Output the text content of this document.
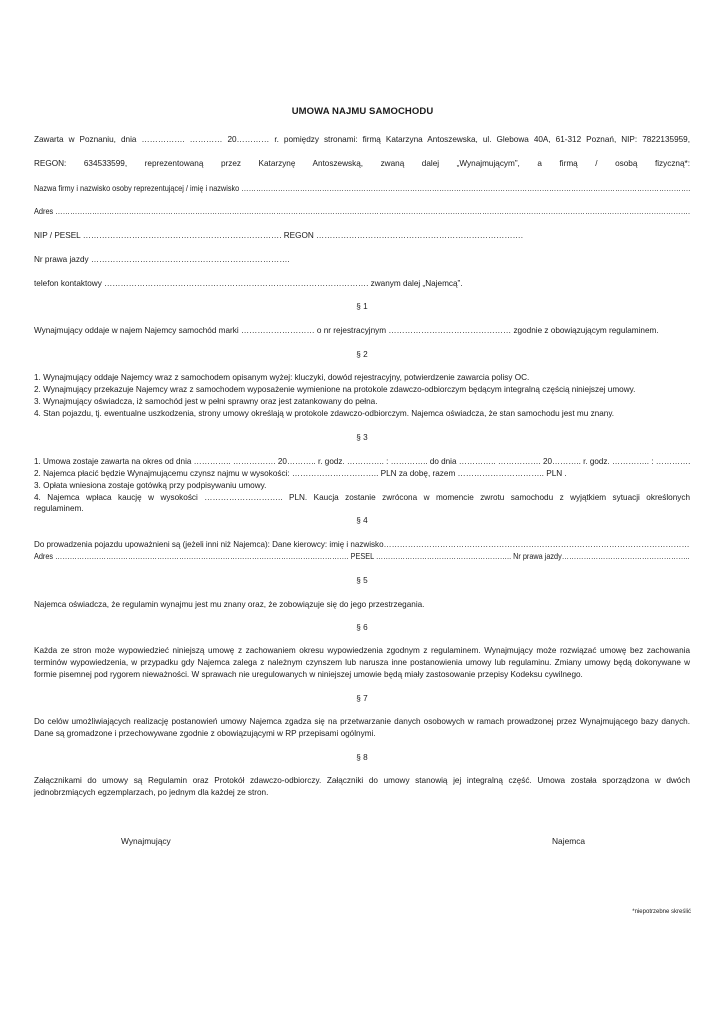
UMOWA NAJMU SAMOCHODU
Zawarta w Poznaniu, dnia ……………. ………… 20………… r. pomiędzy stronami: firmą Katarzyna Antoszewska, ul. Glebowa 40A, 61-312 Poznań, NIP: 7822135959,
REGON: 634533599, reprezentowaną przez Katarzynę Antoszewską, zwaną dalej „Wynajmującym”, a firmą / osobą fizyczną*:
Nazwa firmy i nazwisko osoby reprezentującej / imię i nazwisko ………………………………………………………………………………………………………………………………………………………………….
Adres …………………………………………………………………………………………………………………………………………………………………………………………………………………………………….
NIP / PESEL ………………………………………………………………. REGON ………………………………………………………………….
Nr prawa jazdy ……………………………………………………………….
telefon kontaktowy ……………………………………………………………………………………. zwanym dalej „Najemcą”.
§ 1
Wynajmujący oddaje w najem Najemcy samochód marki ……………………… o nr rejestracyjnym ……………………………………… zgodnie z obowiązującym regulaminem.
§ 2
1. Wynajmujący oddaje Najemcy wraz z samochodem opisanym wyżej: kluczyki, dowód rejestracyjny, potwierdzenie zawarcia polisy OC.
2. Wynajmujący przekazuje Najemcy wraz z samochodem wyposażenie wymienione na protokole zdawczo-odbiorczym będącym integralną częścią niniejszej umowy.
3. Wynajmujący oświadcza, iż samochód jest w pełni sprawny oraz jest zatankowany do pełna.
4. Stan pojazdu, tj. ewentualne uszkodzenia, strony umowy określają w protokole zdawczo-odbiorczym. Najemca oświadcza, że stan samochodu jest mu znany.
§ 3
1. Umowa zostaje zawarta na okres od dnia ………….. ……………. 20……….. r. godz. ………….. : ………….. do dnia ………….. ……………. 20……….. r. godz. ………….. : ………….
2. Najemca płacić będzie Wynajmującemu czynsz najmu w wysokości: ………………………….. PLN za dobę, razem ………………………….. PLN .
3. Opłata wniesiona zostaje gotówką przy podpisywaniu umowy.
4. Najemca wpłaca kaucję w wysokości ……………………….. PLN. Kaucja zostanie zwrócona w momencie zwrotu samochodu z wyjątkiem sytuacji określonych
regulaminem.
§ 4
Do prowadzenia pojazdu upoważnieni są (jeżeli inni niż Najemca): Dane kierowcy: imię i nazwisko……………………………………………………………………………………………………
Adres …………………………………………………………………………………………………………. PESEL ……………………………………………….. Nr prawa jazdy……………………………………………..
§ 5
Najemca oświadcza, że regulamin wynajmu jest mu znany oraz, że zobowiązuje się do jego przestrzegania.
§ 6
Każda ze stron może wypowiedzieć niniejszą umowę z zachowaniem okresu wypowiedzenia zgodnym z regulaminem. Wynajmujący może rozwiązać umowę bez zachowania terminów wypowiedzenia, w przypadku gdy Najemca zalega z należnym czynszem lub narusza inne postanowienia umowy lub regulaminu. Zmiany umowy będą dokonywane w formie pisemnej pod rygorem nieważności. W sprawach nie uregulowanych w niniejszej umowie będą miały zastosowanie przepisy Kodeksu cywilnego.
§ 7
Do celów umożliwiających realizację postanowień umowy Najemca zgadza się na przetwarzanie danych osobowych w ramach prowadzonej przez Wynajmującego bazy danych. Dane są gromadzone i przechowywane zgodnie z obowiązującymi w RP przepisami ogólnymi.
§ 8
Załącznikami do umowy są Regulamin oraz Protokół zdawczo-odbiorczy. Załączniki do umowy stanowią jej integralną część. Umowa została sporządzona w dwóch jednobrzmiących egzemplarzach, po jednym dla każdej ze stron.
Wynajmujący	Najemca
*niepotrzebne skreślić
